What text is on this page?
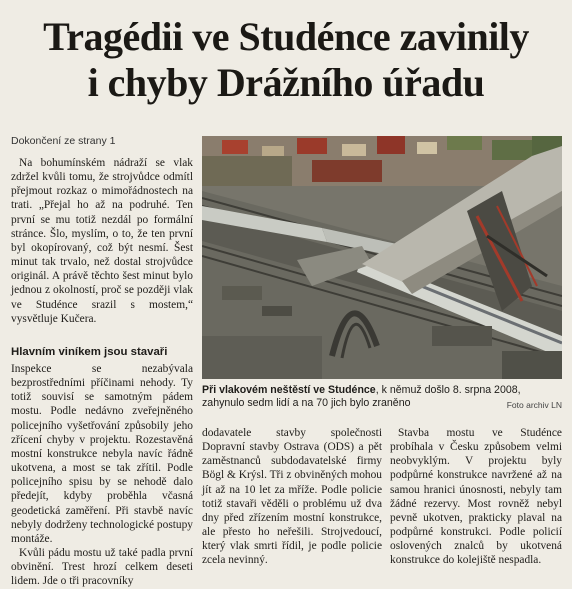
Tragédii ve Studénce zavinily
i chyby Drážního úřadu
Dokončení ze strany 1

Na bohumínském nádraží se vlak zdržel kvůli tomu, že strojvůdce odmítl přejmout rozkaz o mimořádnostech na trati. „Přejal ho až na podruhé. Ten první se mu totiž nezdál po formální stránce. Šlo, myslím, o to, že ten první byl okopírovaný, což být nesmí. Šest minut tak trvalo, než dostal strojvůdce originál. A právě těchto šest minut bylo jednou z okolností, proč se později vlak ve Studénce srazil s mostem,“ vysvětluje Kučera.

Hlavním viníkem jsou stavaři

Inspekce se nezabývala bezprostředními příčinami nehody. Ty totiž souvisí se samotným pádem mostu. Podle nedávno zveřejněného policejního vyšetřování způsobily jeho zřícení chyby v projektu. Rozestavěná mostní konstrukce nebyla navíc řádně ukotvena, a most se tak zřítil. Podle policejního spisu by se nehodě dalo předejít, kdyby proběhla včasná geodetická zaměření. Při stavbě navíc nebyly dodrženy technologické postupy montáže.

Kvůli pádu mostu už také padla první obvinění. Trest hrozí celkem deseti lidem. Jde o tři pracovníky

Při vlakovém neštěstí ve Studénce, k němuž došlo 8. srpna 2008, zahynulo sedm lidí a na 70 jich bylo zraněno	Foto archiv LN

dodavatele stavby společnosti Dopravní stavby Ostrava (ODS) a pět zaměstnanců subdodavatelské firmy Bögl & Krýsl. Tři z obviněných mohou jít až na 10 let za mříže. Podle policie totiž stavaři věděli o problému už dva dny před zřízením mostní konstrukce, ale přesto ho neřešili. Strojvedoucí, který vlak smrti řídil, je podle policie zcela nevinný.

Stavba mostu ve Studénce probíhala v Česku způsobem velmi neobvyklým. V projektu byly podpůrné konstrukce navržené až na samou hranici únosnosti, nebyly tam žádné rezervy. Most rovněž nebyl pevně ukotven, prakticky plaval na podpůrné konstrukci. Podle policií oslovených znalců by ukotvená konstrukce do kolejiště nespadla.
